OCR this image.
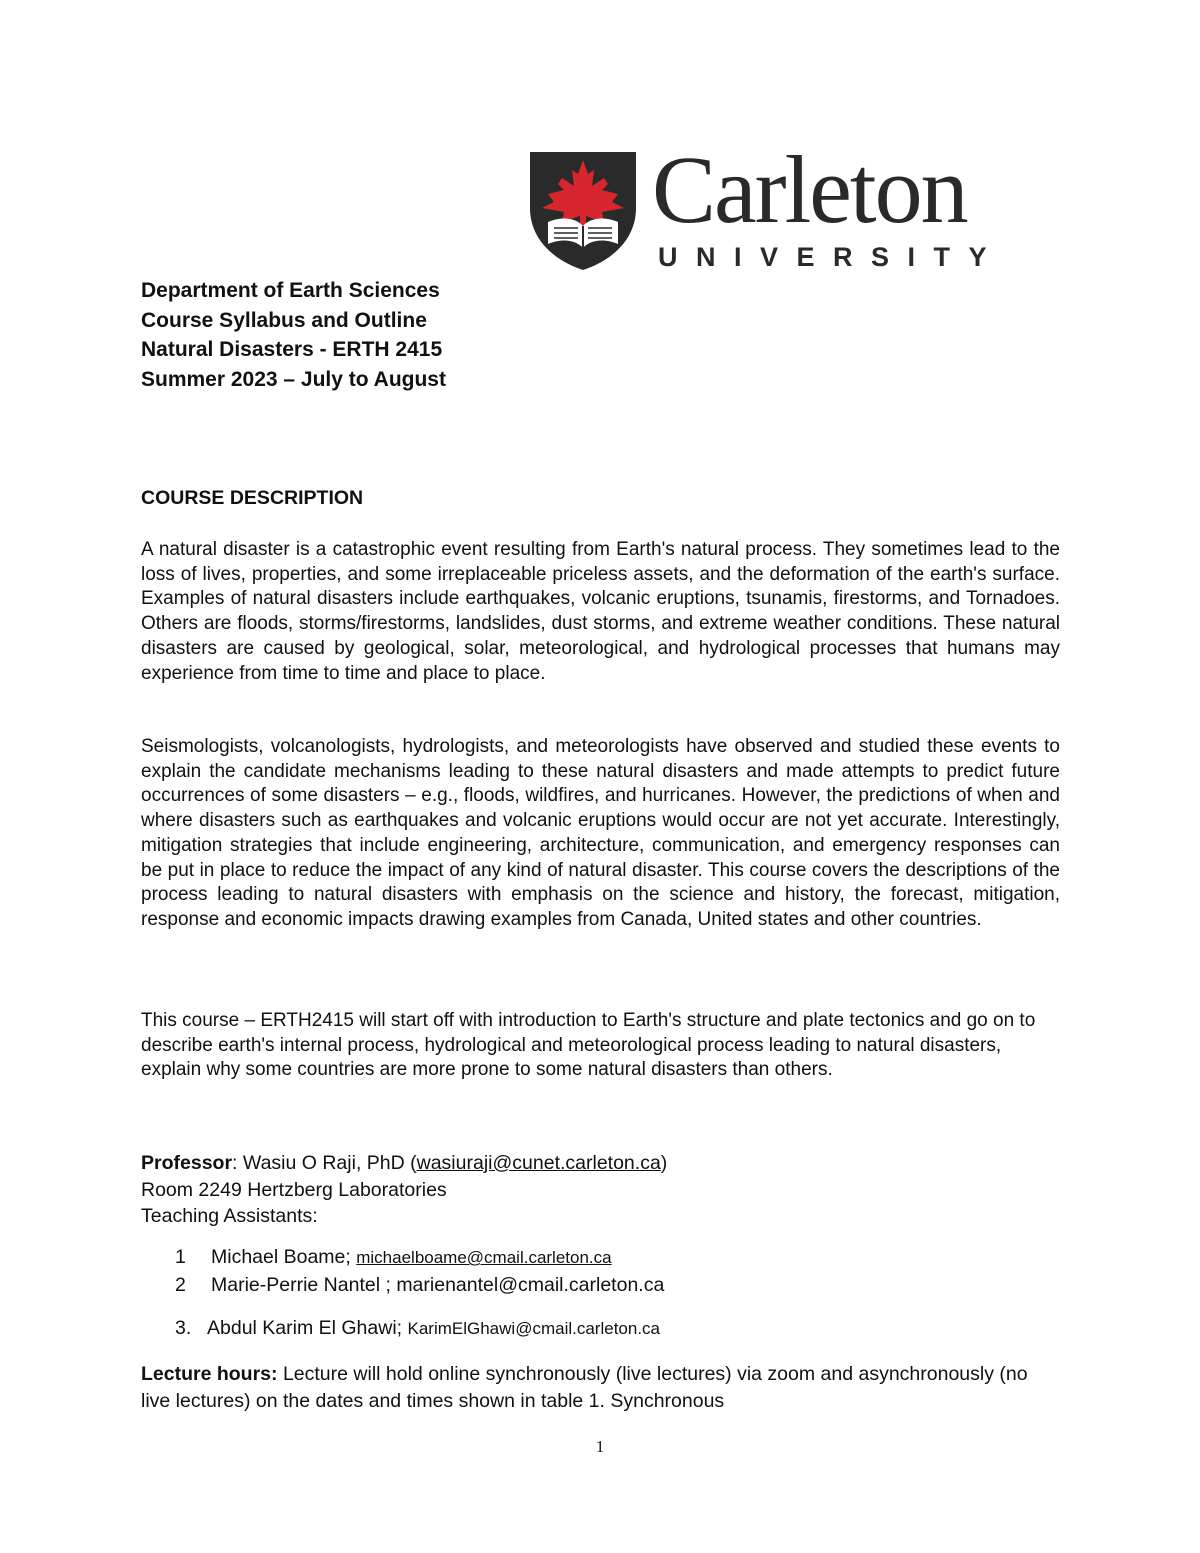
Carleton
UNIVERSITY
Department of Earth Sciences
Course Syllabus and Outline
Natural Disasters - ERTH 2415
Summer 2023 – July to August
COURSE DESCRIPTION

A natural disaster is a catastrophic event resulting from Earth's natural process. They sometimes lead to the loss of lives, properties, and some irreplaceable priceless assets, and the deformation of the earth's surface. Examples of natural disasters include earthquakes, volcanic eruptions, tsunamis, firestorms, and Tornadoes. Others are floods, storms/firestorms, landslides, dust storms, and extreme weather conditions. These natural disasters are caused by geological, solar, meteorological, and hydrological processes that humans may experience from time to time and place to place.

Seismologists, volcanologists, hydrologists, and meteorologists have observed and studied these events to explain the candidate mechanisms leading to these natural disasters and made attempts to predict future occurrences of some disasters – e.g., floods, wildfires, and hurricanes. However, the predictions of when and where disasters such as earthquakes and volcanic eruptions would occur are not yet accurate. Interestingly, mitigation strategies that include engineering, architecture, communication, and emergency responses can be put in place to reduce the impact of any kind of natural disaster. This course covers the descriptions of the process leading to natural disasters with emphasis on the science and history, the forecast, mitigation, response and economic impacts drawing examples from Canada, United states and other countries.

This course – ERTH2415 will start off with introduction to Earth's structure and plate tectonics and go on to describe earth's internal process, hydrological and meteorological process leading to natural disasters, explain why some countries are more prone to some natural disasters than others.

Professor: Wasiu O Raji, PhD (wasiuraji@cunet.carleton.ca)
Room 2249 Hertzberg Laboratories
Teaching Assistants:
1 Michael Boame; michaelboame@cmail.carleton.ca
2 Marie-Perrie Nantel ; marienantel@cmail.carleton.ca
3. Abdul Karim El Ghawi; KarimElGhawi@cmail.carleton.ca

Lecture hours: Lecture will hold online synchronously (live lectures) via zoom and asynchronously (no live lectures) on the dates and times shown in table 1. Synchronous

1
